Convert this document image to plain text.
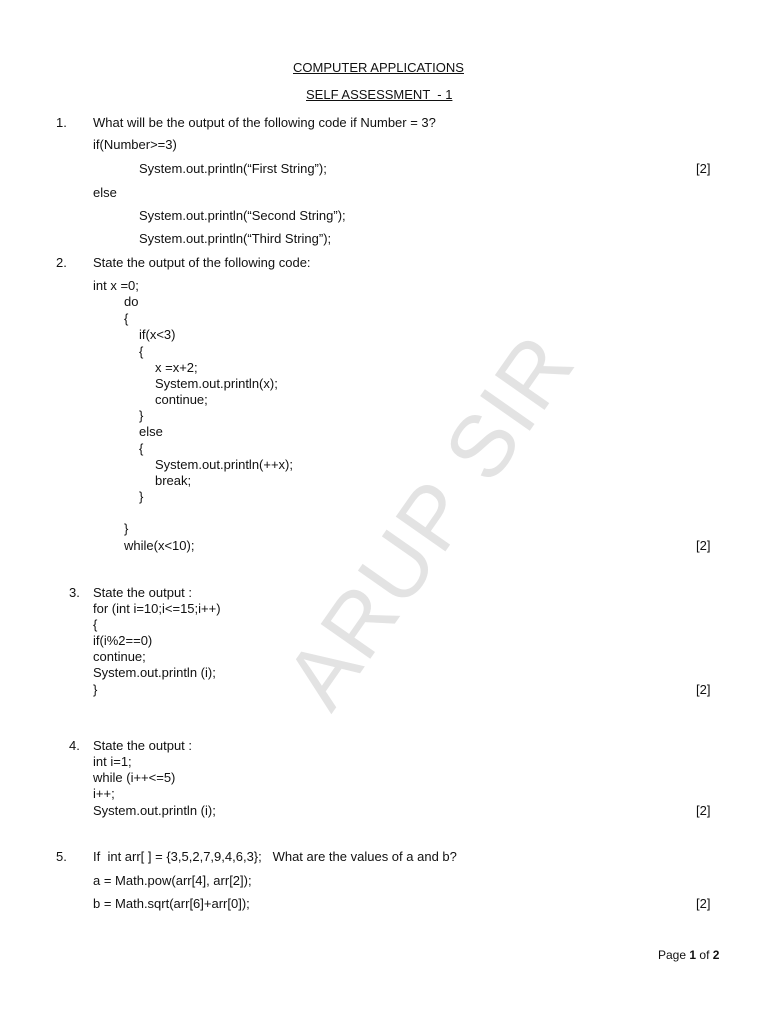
ARUP SIR
COMPUTER APPLICATIONS
SELF ASSESSMENT  - 1
1. What will be the output of the following code if Number = 3?
if(Number>=3)
System.out.println(“First String”);	[2]
else
System.out.println(“Second String”);
System.out.println(“Third String”);
2. State the output of the following code:
int x =0;
do
{
if(x<3)
{
x =x+2;
System.out.println(x);
continue;
}
else
{
System.out.println(++x);
break;
}
}
while(x<10);	[2]
3. State the output :
for (int i=10;i<=15;i++)
{
if(i%2==0)
continue;
System.out.println (i);
}	[2]
4. State the output :
int i=1;
while (i++<=5)
i++;
System.out.println (i);	[2]
5. If  int arr[ ] = {3,5,2,7,9,4,6,3};   What are the values of a and b?
a = Math.pow(arr[4], arr[2]);
b = Math.sqrt(arr[6]+arr[0]);	[2]
Page 1 of 2
